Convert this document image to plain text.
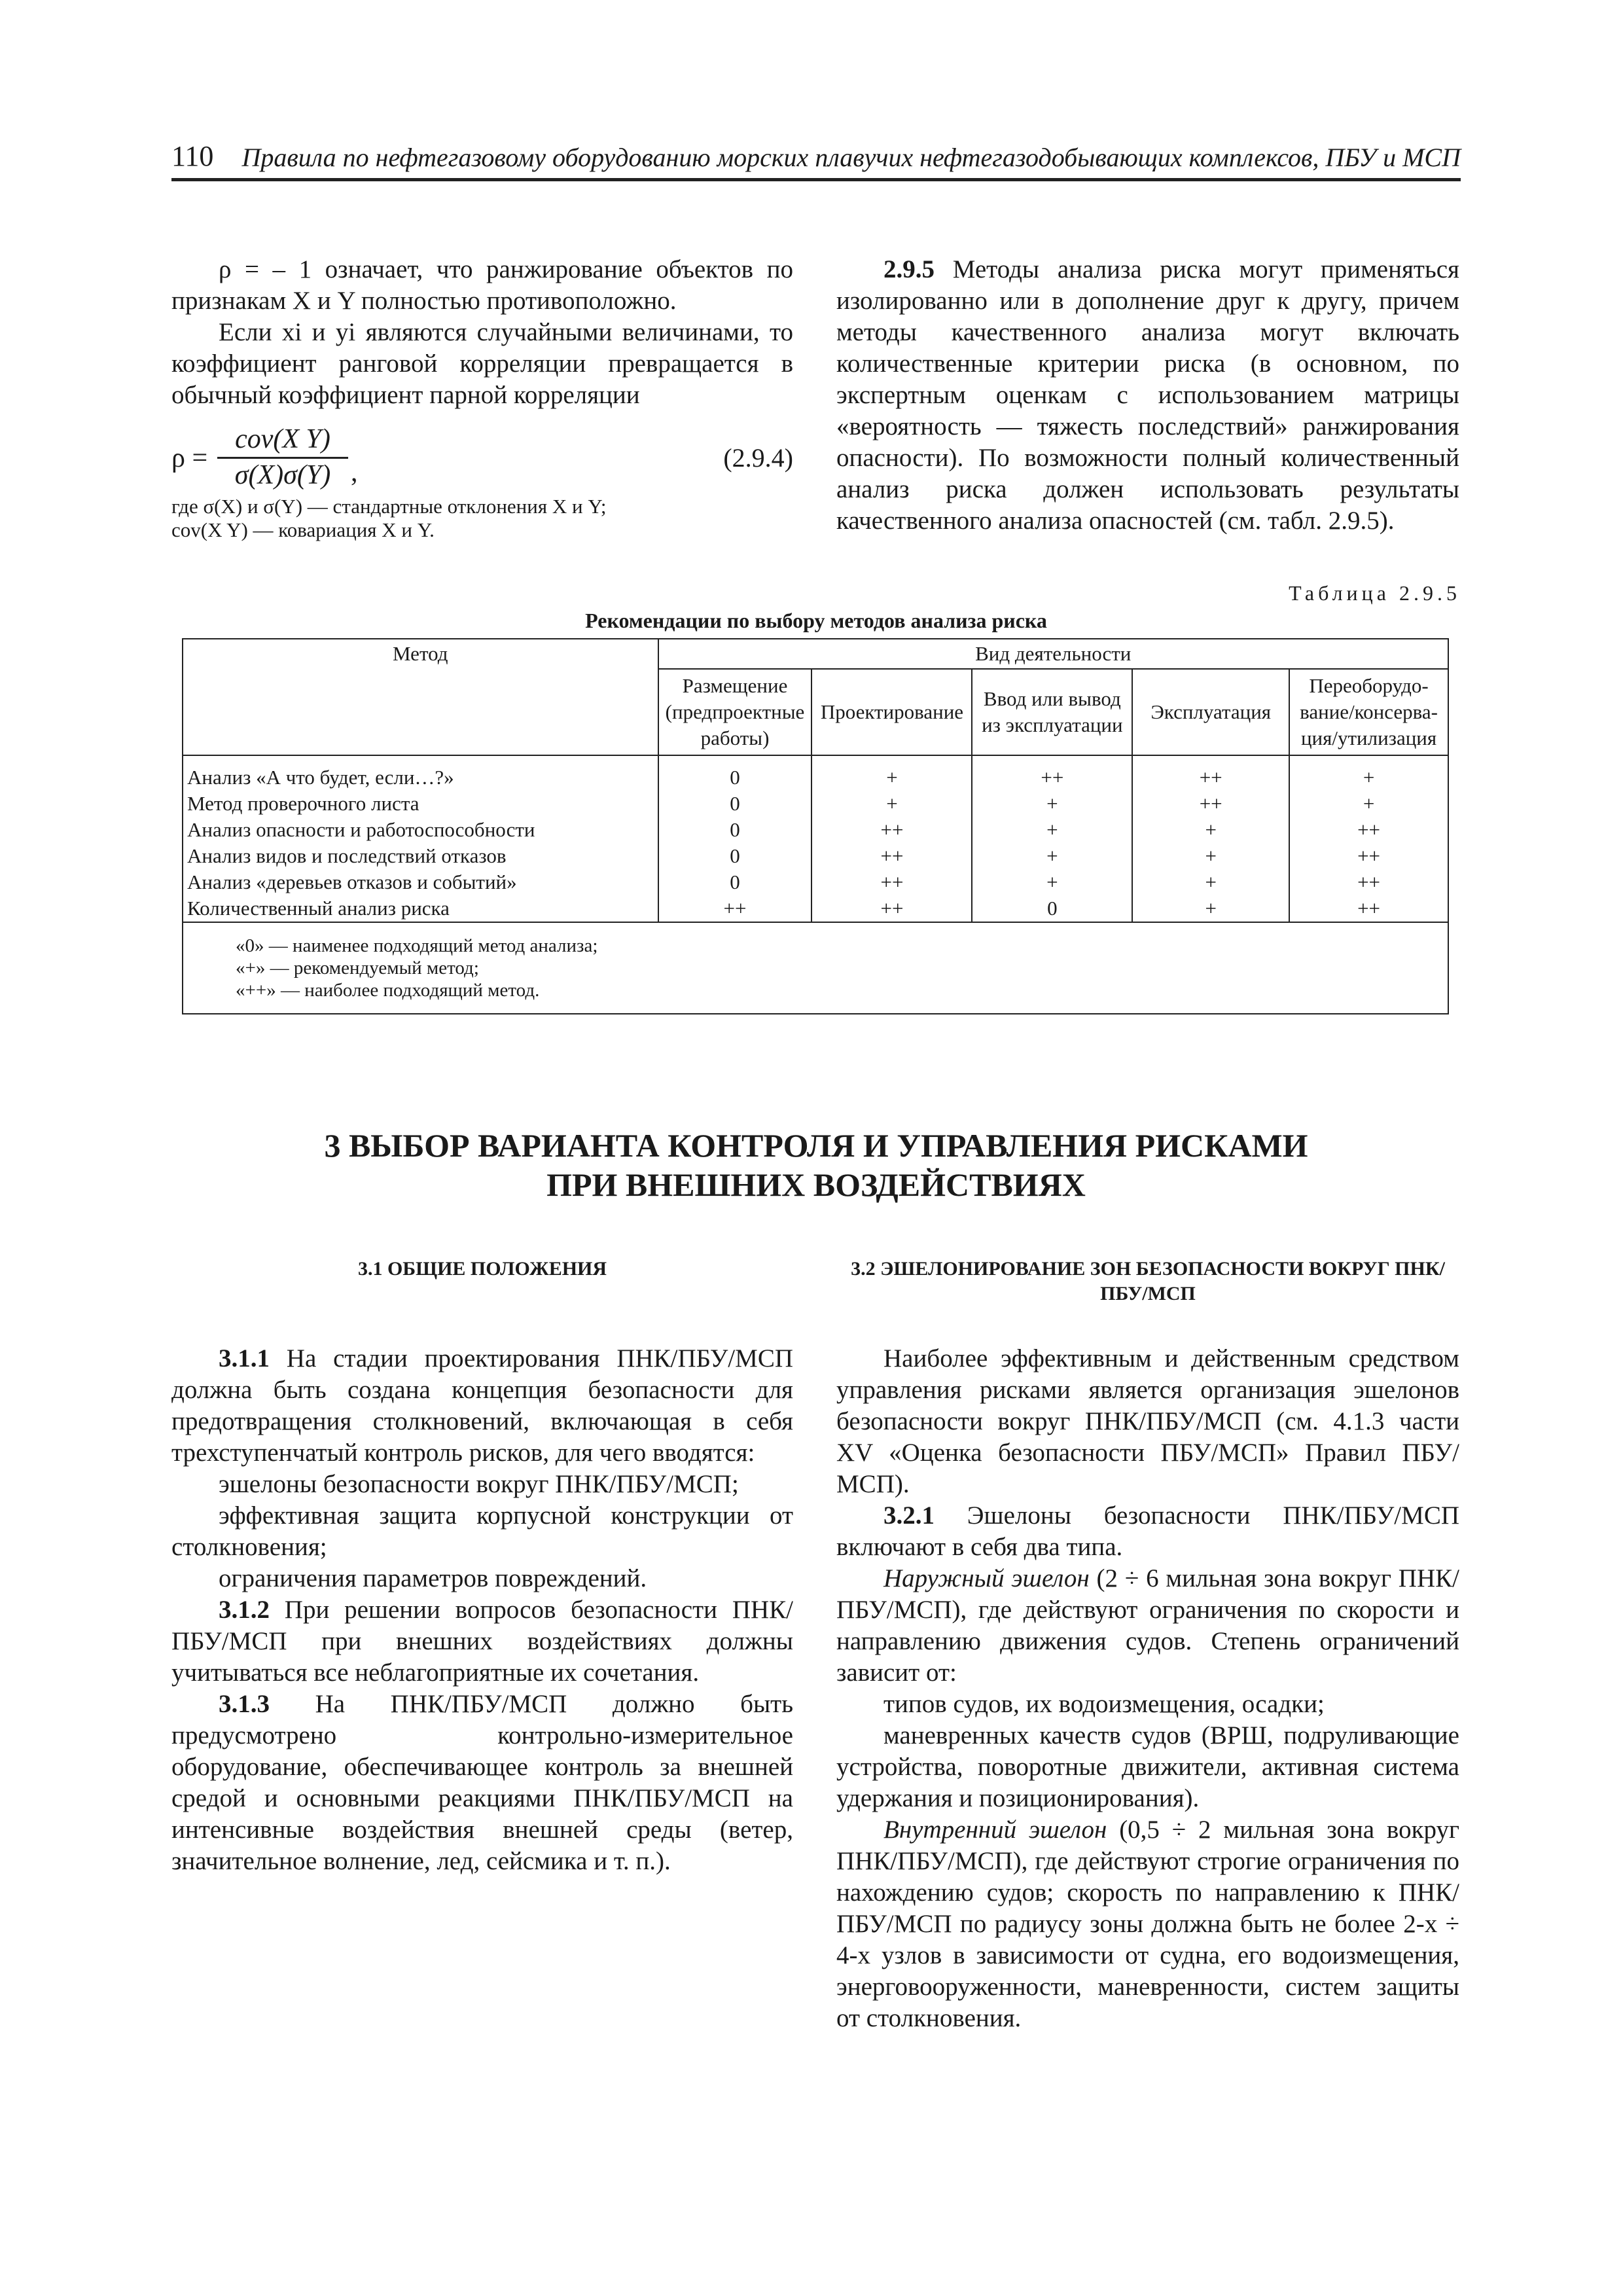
110 Правила по нефтегазовому оборудованию морских плавучих нефтегазодобывающих комплексов, ПБУ и МСП

ρ = – 1 означает, что ранжирование объектов по признакам X и Y полностью противоположно.

Если xi и yi являются случайными величинами, то коэффициент ранговой корреляции превращается в обычный коэффициент парной корреляции

ρ =
cov(X Y)
σ(X)σ(Y) ,	(2.9.4)

где σ(X) и σ(Y) — стандартные отклонения X и Y;

cov(X Y) — ковариация X и Y.

2.9.5 Методы анализа риска могут применяться изолированно или в дополнение друг к другу, причем методы качественного анализа могут включать количественные критерии риска (в основном, по экспертным оценкам с использованием матрицы «вероятность — тяжесть последствий» ранжирования опасности). По возможности полный количественный анализ риска должен использовать результаты качественного анализа опасностей (см. табл. 2.9.5).

Таблица 2.9.5
Рекомендации по выбору методов анализа риска
Метод	Вид деятельности				
	Размещение (предпроектные работы)	Проектирование	Ввод или вывод из эксплуатации	Эксплуатация	Переоборудо-вание/консерва-ция/утилизация

Анализ «А что будет, если…?»	0	+	++	++	+
Метод проверочного листа	0	+	+	++	+
Анализ опасности и работоспособности	0	++	+	+	++
Анализ видов и последствий отказов	0	++	+	+	++
Анализ «деревьев отказов и событий»	0	++	+	+	++
Количественный анализ риска	++	++	0	+	++

«0» — наименее подходящий метод анализа;
«+» — рекомендуемый метод;
«++» — наиболее подходящий метод.					
3 ВЫБОР ВАРИАНТА КОНТРОЛЯ И УПРАВЛЕНИЯ РИСКАМИ
ПРИ ВНЕШНИХ ВОЗДЕЙСТВИЯХ
3.1 ОБЩИЕ ПОЛОЖЕНИЯ	3.2 ЭШЕЛОНИРОВАНИЕ ЗОН БЕЗОПАСНОСТИ ВОКРУГ ПНК/ПБУ/МСП

3.1.1 На стадии проектирования ПНК/ПБУ/МСП должна быть создана концепция безопасности для предотвращения столкновений, включающая в себя трехступенчатый контроль рисков, для чего вводятся:

эшелоны безопасности вокруг ПНК/ПБУ/МСП;

эффективная защита корпусной конструкции от столкновения;

ограничения параметров повреждений.

3.1.2 При решении вопросов безопасности ПНК/ПБУ/МСП при внешних воздействиях должны учитываться все неблагоприятные их сочетания.

3.1.3 На ПНК/ПБУ/МСП должно быть предусмотрено контрольно-измерительное оборудование, обеспечивающее контроль за внешней средой и основными реакциями ПНК/ПБУ/МСП на интенсивные воздействия внешней среды (ветер, значительное волнение, лед, сейсмика и т. п.).

Наиболее эффективным и действенным средством управления рисками является организация эшелонов безопасности вокруг ПНК/ПБУ/МСП (см. 4.1.3 части XV «Оценка безопасности ПБУ/МСП» Правил ПБУ/МСП).

3.2.1 Эшелоны безопасности ПНК/ПБУ/МСП включают в себя два типа.

Наружный эшелон (2 ÷ 6 мильная зона вокруг ПНК/ПБУ/МСП), где действуют ограничения по скорости и направлению движения судов. Степень ограничений зависит от:

типов судов, их водоизмещения, осадки;

маневренных качеств судов (ВРШ, подруливающие устройства, поворотные движители, активная система удержания и позиционирования).

Внутренний эшелон (0,5 ÷ 2 мильная зона вокруг ПНК/ПБУ/МСП), где действуют строгие ограничения по нахождению судов; скорость по направлению к ПНК/ПБУ/МСП по радиусу зоны должна быть не более 2-х ÷ 4-х узлов в зависимости от судна, его водоизмещения, энерговооруженности, маневренности, систем защиты от столкновения.
